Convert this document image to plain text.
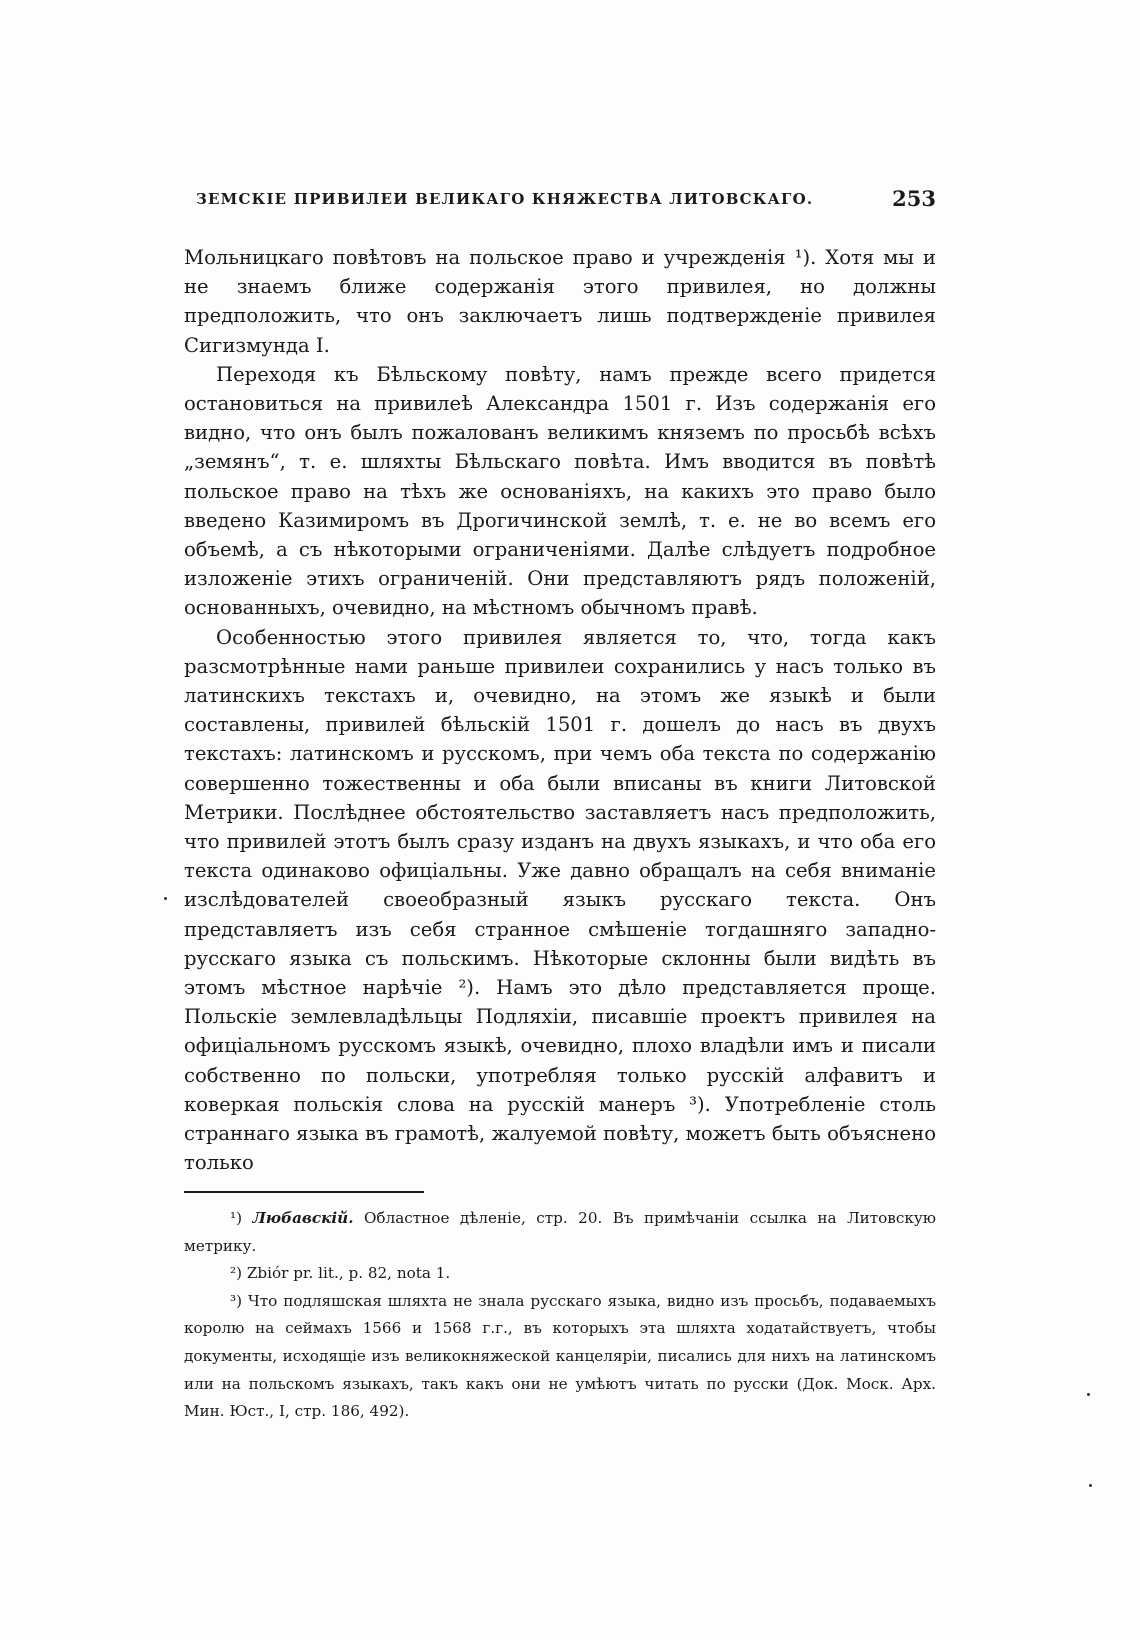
ЗЕМСКІЕ ПРИВИЛЕИ ВЕЛИКАГО КНЯЖЕСТВА ЛИТОВСКАГО.	253

Мольницкаго повѣтовъ на польское право и учрежденія ¹). Хотя мы и не знаемъ ближе содержанія этого привилея, но должны предположить, что онъ заключаетъ лишь подтвержденіе привилея Сигизмунда I.

Переходя къ Бѣльскому повѣту, намъ прежде всего придется остановиться на привилеѣ Александра 1501 г. Изъ содержанія его видно, что онъ былъ пожалованъ великимъ княземъ по просьбѣ всѣхъ „земянъ“, т. е. шляхты Бѣльскаго повѣта. Имъ вводится въ повѣтѣ польское право на тѣхъ же основаніяхъ, на какихъ это право было введено Казимиромъ въ Дрогичинской землѣ, т. е. не во всемъ его объемѣ, а съ нѣкоторыми ограниченіями. Далѣе слѣдуетъ подробное изложеніе этихъ ограниченій. Они представляютъ рядъ положеній, основанныхъ, очевидно, на мѣстномъ обычномъ правѣ.

Особенностью этого привилея является то, что, тогда какъ разсмотрѣнные нами раньше привилеи сохранились у насъ только въ латинскихъ текстахъ и, очевидно, на этомъ же языкѣ и были составлены, привилей бѣльскій 1501 г. дошелъ до насъ въ двухъ текстахъ: латинскомъ и русскомъ, при чемъ оба текста по содержанію совершенно тожественны и оба были вписаны въ книги Литовской Метрики. Послѣднее обстоятельство заставляетъ насъ предположить, что привилей этотъ былъ сразу изданъ на двухъ языкахъ, и что оба его текста одинаково офиціальны. Уже давно обращалъ на себя вниманіе изслѣдователей своеобразный языкъ русскаго текста. Онъ представляетъ изъ себя странное смѣшеніе тогдашняго западно-русскаго языка съ польскимъ. Нѣкоторые склонны были видѣть въ этомъ мѣстное нарѣчіе ²). Намъ это дѣло представляется проще. Польскіе землевладѣльцы Подляхіи, писавшіе проектъ привилея на офиціальномъ русскомъ языкѣ, очевидно, плохо владѣли имъ и писали собственно по польски, употребляя только русскій алфавитъ и коверкая польскія слова на русскій манеръ ³). Употребленіе столь страннаго языка въ грамотѣ, жалуемой повѣту, можетъ быть объяснено только

¹) Любавскій. Областное дѣленіе, стр. 20. Въ примѣчаніи ссылка на Литовскую метрику.

²) Zbiór pr. lit., p. 82, nota 1.

³) Что подляшская шляхта не знала русскаго языка, видно изъ просьбъ, подаваемыхъ королю на сеймахъ 1566 и 1568 г.г., въ которыхъ эта шляхта ходатайствуетъ, чтобы документы, исходящіе изъ великокняжеской канцеляріи, писались для нихъ на латинскомъ или на польскомъ языкахъ, такъ какъ они не умѣютъ читать по русски (Док. Моск. Арх. Мин. Юст., I, стр. 186, 492).
